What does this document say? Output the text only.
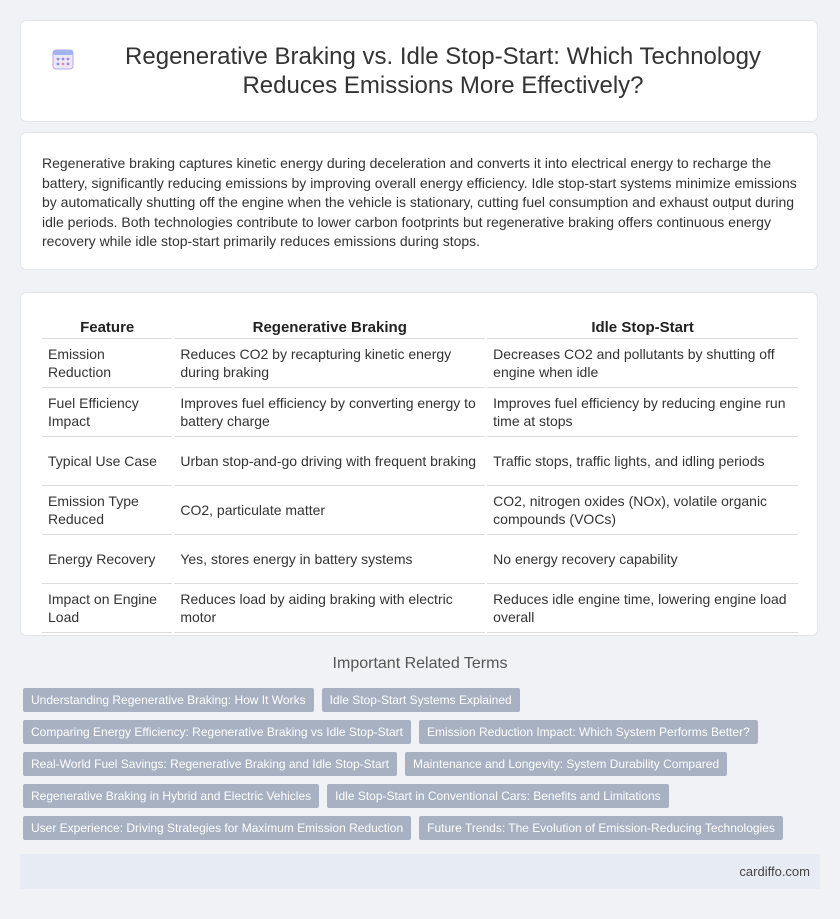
Regenerative Braking vs. Idle Stop-Start: Which Technology Reduces Emissions More Effectively?

Regenerative braking captures kinetic energy during deceleration and converts it into electrical energy to recharge the battery, significantly reducing emissions by improving overall energy efficiency. Idle stop-start systems minimize emissions by automatically shutting off the engine when the vehicle is stationary, cutting fuel consumption and exhaust output during idle periods. Both technologies contribute to lower carbon footprints but regenerative braking offers continuous energy recovery while idle stop-start primarily reduces emissions during stops.

Feature	Regenerative Braking	Idle Stop-Start
Emission Reduction	Reduces CO2 by recapturing kinetic energy during braking	Decreases CO2 and pollutants by shutting off engine when idle
Fuel Efficiency Impact	Improves fuel efficiency by converting energy to battery charge	Improves fuel efficiency by reducing engine run time at stops
Typical Use Case	Urban stop-and-go driving with frequent braking	Traffic stops, traffic lights, and idling periods
Emission Type Reduced	CO2, particulate matter	CO2, nitrogen oxides (NOx), volatile organic compounds (VOCs)
Energy Recovery	Yes, stores energy in battery systems	No energy recovery capability
Impact on Engine Load	Reduces load by aiding braking with electric motor	Reduces idle engine time, lowering engine load overall
Important Related Terms
Understanding Regenerative Braking: How It Works	Idle Stop-Start Systems Explained
Comparing Energy Efficiency: Regenerative Braking vs Idle Stop-Start	Emission Reduction Impact: Which System Performs Better?
Real-World Fuel Savings: Regenerative Braking and Idle Stop-Start	Maintenance and Longevity: System Durability Compared
Regenerative Braking in Hybrid and Electric Vehicles	Idle Stop-Start in Conventional Cars: Benefits and Limitations
User Experience: Driving Strategies for Maximum Emission Reduction	Future Trends: The Evolution of Emission-Reducing Technologies
cardiffo.com
